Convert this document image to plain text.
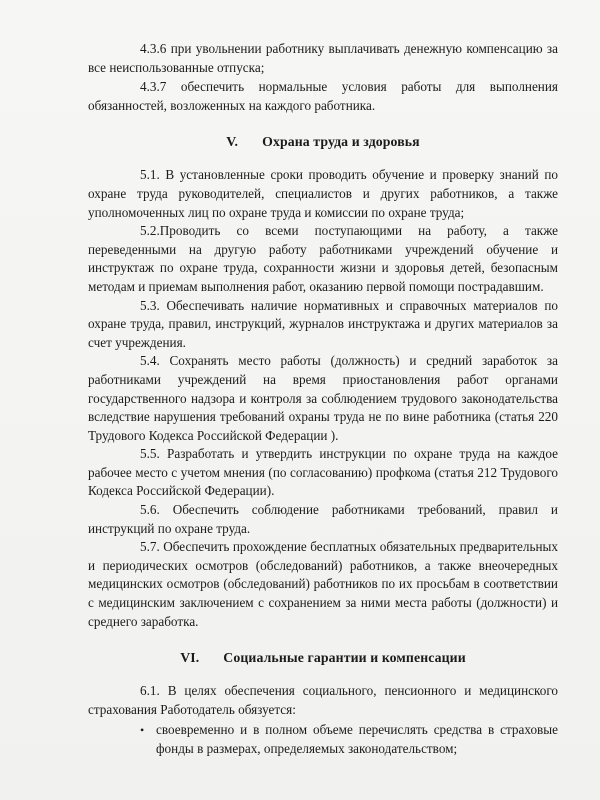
4.3.6 при увольнении работнику выплачивать денежную компенсацию за все неиспользованные отпуска;

4.3.7 обеспечить нормальные условия работы для выполнения обязанностей, возложенных на каждого работника.

V. Охрана труда и здоровья

5.1. В установленные сроки проводить обучение и проверку знаний по охране труда руководителей, специалистов и других работников, а также уполномоченных лиц по охране труда и комиссии по охране труда;

5.2.Проводить со всеми поступающими на работу, а также переведенными на другую работу работниками учреждений обучение и инструктаж по охране труда, сохранности жизни и здоровья детей, безопасным методам и приемам выполнения работ, оказанию первой помощи пострадавшим.

5.3. Обеспечивать наличие нормативных и справочных материалов по охране труда, правил, инструкций, журналов инструктажа и других материалов за счет учреждения.

5.4. Сохранять место работы (должность) и средний заработок за работниками учреждений на время приостановления работ органами государственного надзора и контроля за соблюдением трудового законодательства вследствие нарушения требований охраны труда не по вине работника (статья 220 Трудового Кодекса Российской Федерации ).

5.5. Разработать и утвердить инструкции по охране труда на каждое рабочее место с учетом мнения (по согласованию) профкома (статья 212 Трудового Кодекса Российской Федерации).

5.6. Обеспечить соблюдение работниками требований, правил и инструкций по охране труда.

5.7. Обеспечить прохождение бесплатных обязательных предварительных и периодических осмотров (обследований) работников, а также внеочередных медицинских осмотров (обследований) работников по их просьбам в соответствии с медицинским заключением с сохранением за ними места работы (должности) и среднего заработка.

VI. Социальные гарантии и компенсации

6.1. В целях обеспечения социального, пенсионного и медицинского страхования Работодатель обязуется:

• своевременно и в полном объеме перечислять средства в страховые фонды в размерах, определяемых законодательством;
